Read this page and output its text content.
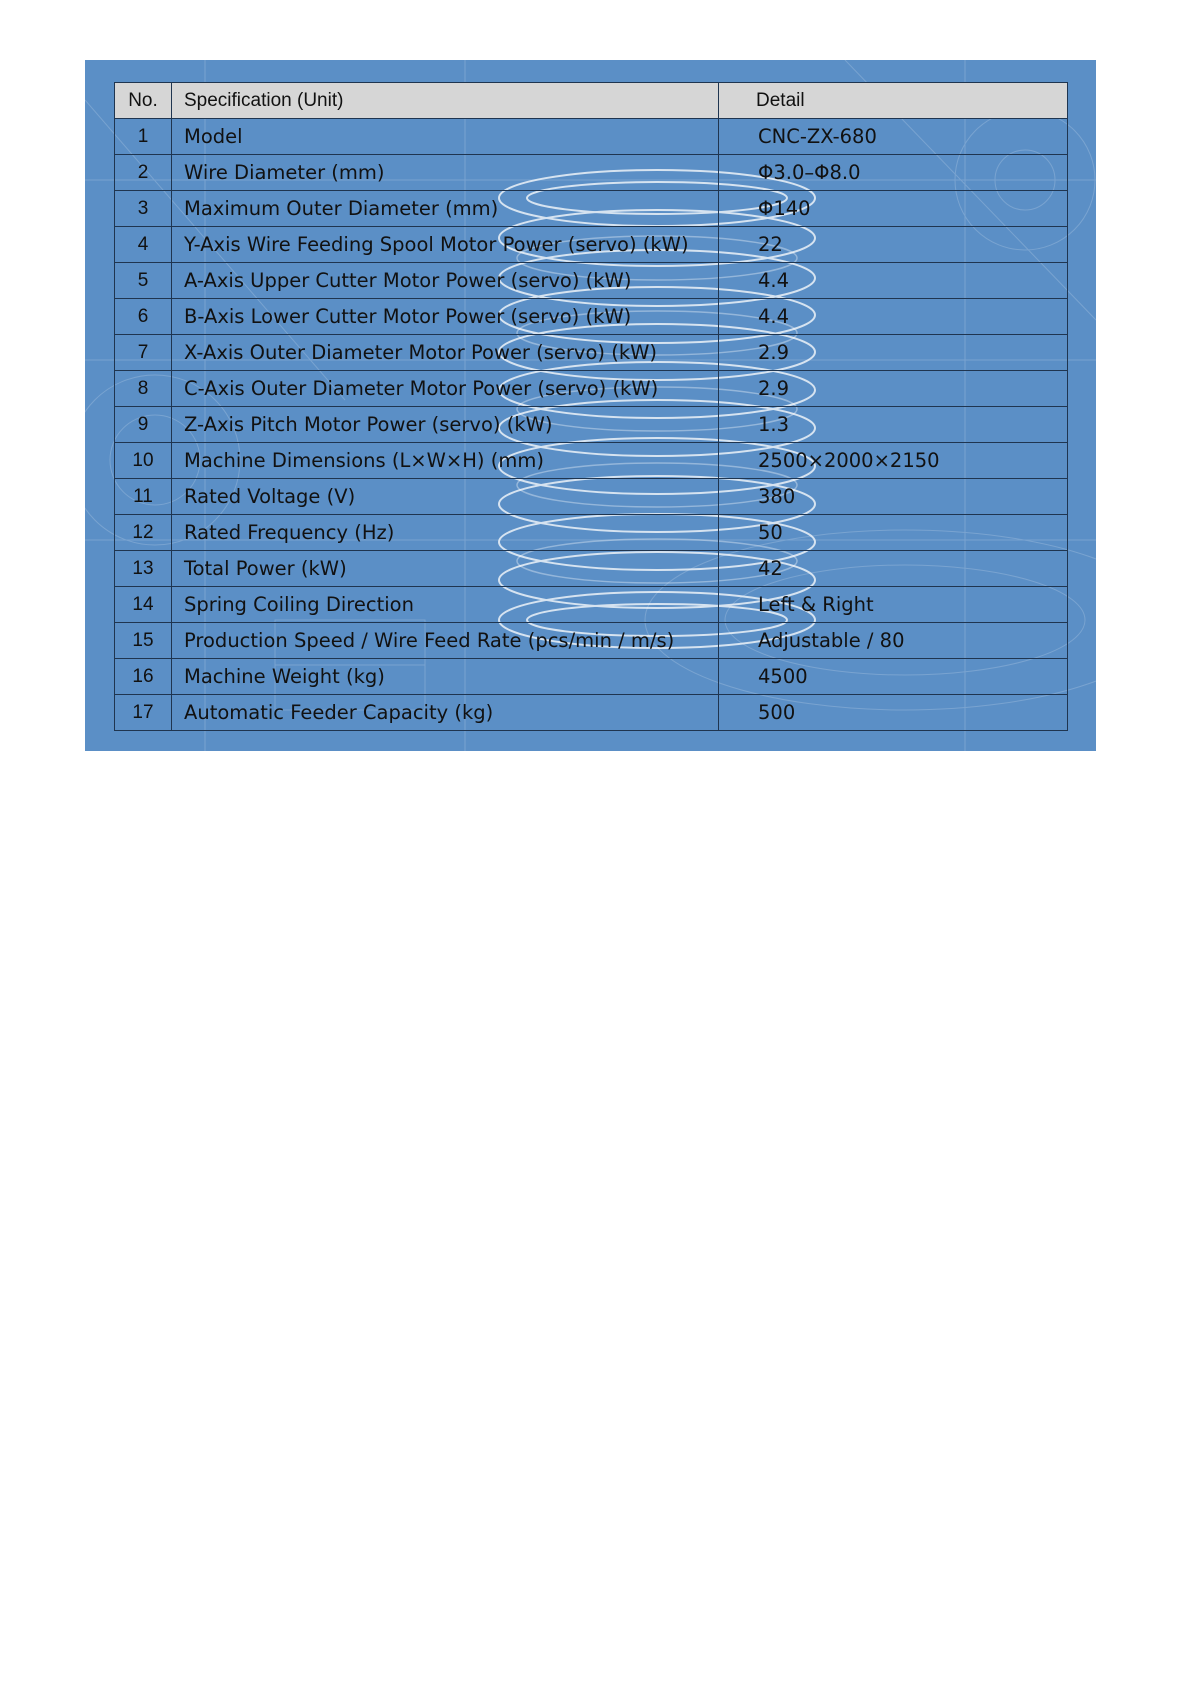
No.	Specification (Unit)	Detail
1	Model	CNC-ZX-680
2	Wire Diameter (mm)	Φ3.0–Φ8.0
3	Maximum Outer Diameter (mm)	Φ140
4	Y-Axis Wire Feeding Spool Motor Power (servo) (kW)	22
5	A-Axis Upper Cutter Motor Power (servo) (kW)	4.4
6	B-Axis Lower Cutter Motor Power (servo) (kW)	4.4
7	X-Axis Outer Diameter Motor Power (servo) (kW)	2.9
8	C-Axis Outer Diameter Motor Power (servo) (kW)	2.9
9	Z-Axis Pitch Motor Power (servo) (kW)	1.3
10	Machine Dimensions (L×W×H) (mm)	2500×2000×2150
11	Rated Voltage (V)	380
12	Rated Frequency (Hz)	50
13	Total Power (kW)	42
14	Spring Coiling Direction	Left & Right
15	Production Speed / Wire Feed Rate (pcs/min / m/s)	Adjustable / 80
16	Machine Weight (kg)	4500
17	Automatic Feeder Capacity (kg)	500
